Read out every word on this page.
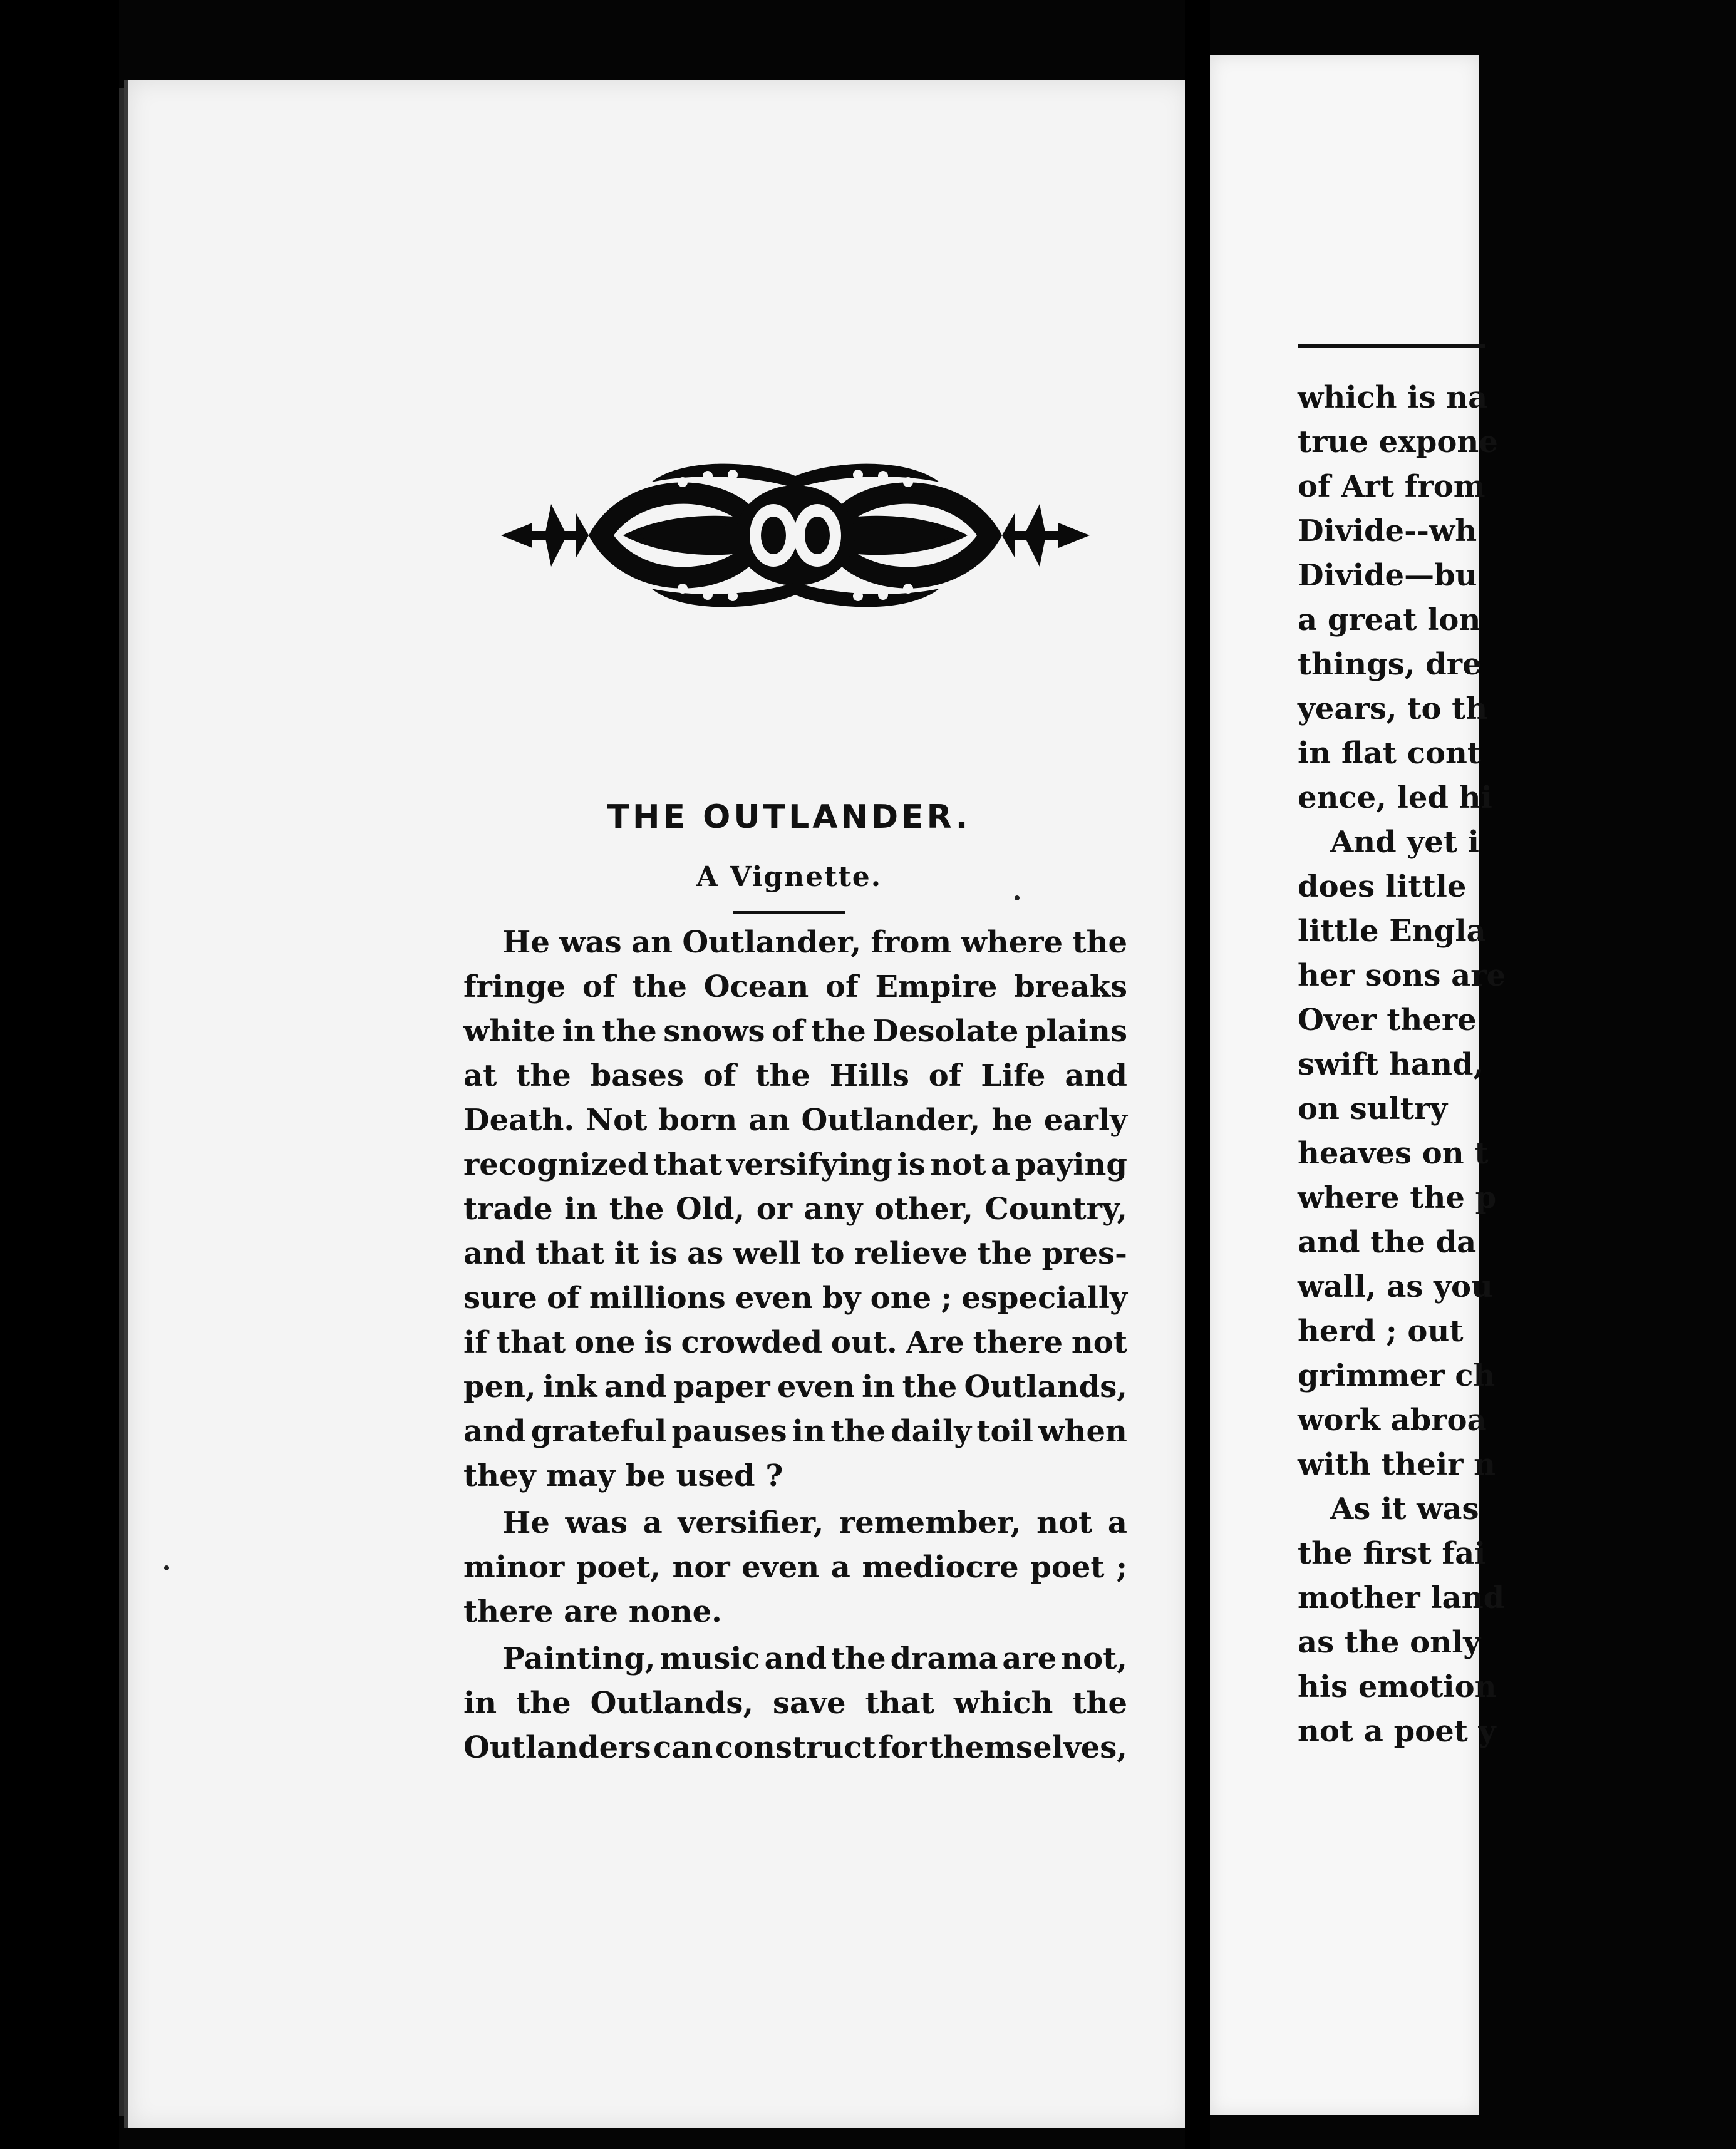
THE OUTLANDER.
A Vignette.
He was an Outlander, from where the
fringe of the Ocean of Empire breaks
white in the snows of the Desolate plains
at the bases of the Hills of Life and
Death. Not born an Outlander, he early
recognized that versifying is not a paying
trade in the Old, or any other, Country,
and that it is as well to relieve the pres-
sure of millions even by one ; especially
if that one is crowded out. Are there not
pen, ink and paper even in the Outlands,
and grateful pauses in the daily toil when
they may be used ?
He was a versifier, remember, not a
minor poet, nor even a mediocre poet ;
there are none.
Painting, music and the drama are not,
in the Outlands, save that which the
Outlanders can construct for themselves,
which is na
true expone
of Art from
Divide--wh
Divide—bu
a great lon
things, dre
years, to th
in flat cont
ence, led hi
And yet i
does little
little Engla
her sons are
Over there
swift hand,
on sultry
heaves on t
where the p
and the da
wall, as you
herd ; out
grimmer ch
work abroa
with their n
As it was
the first fai
mother land
as the only
his emotion
not a poet y
